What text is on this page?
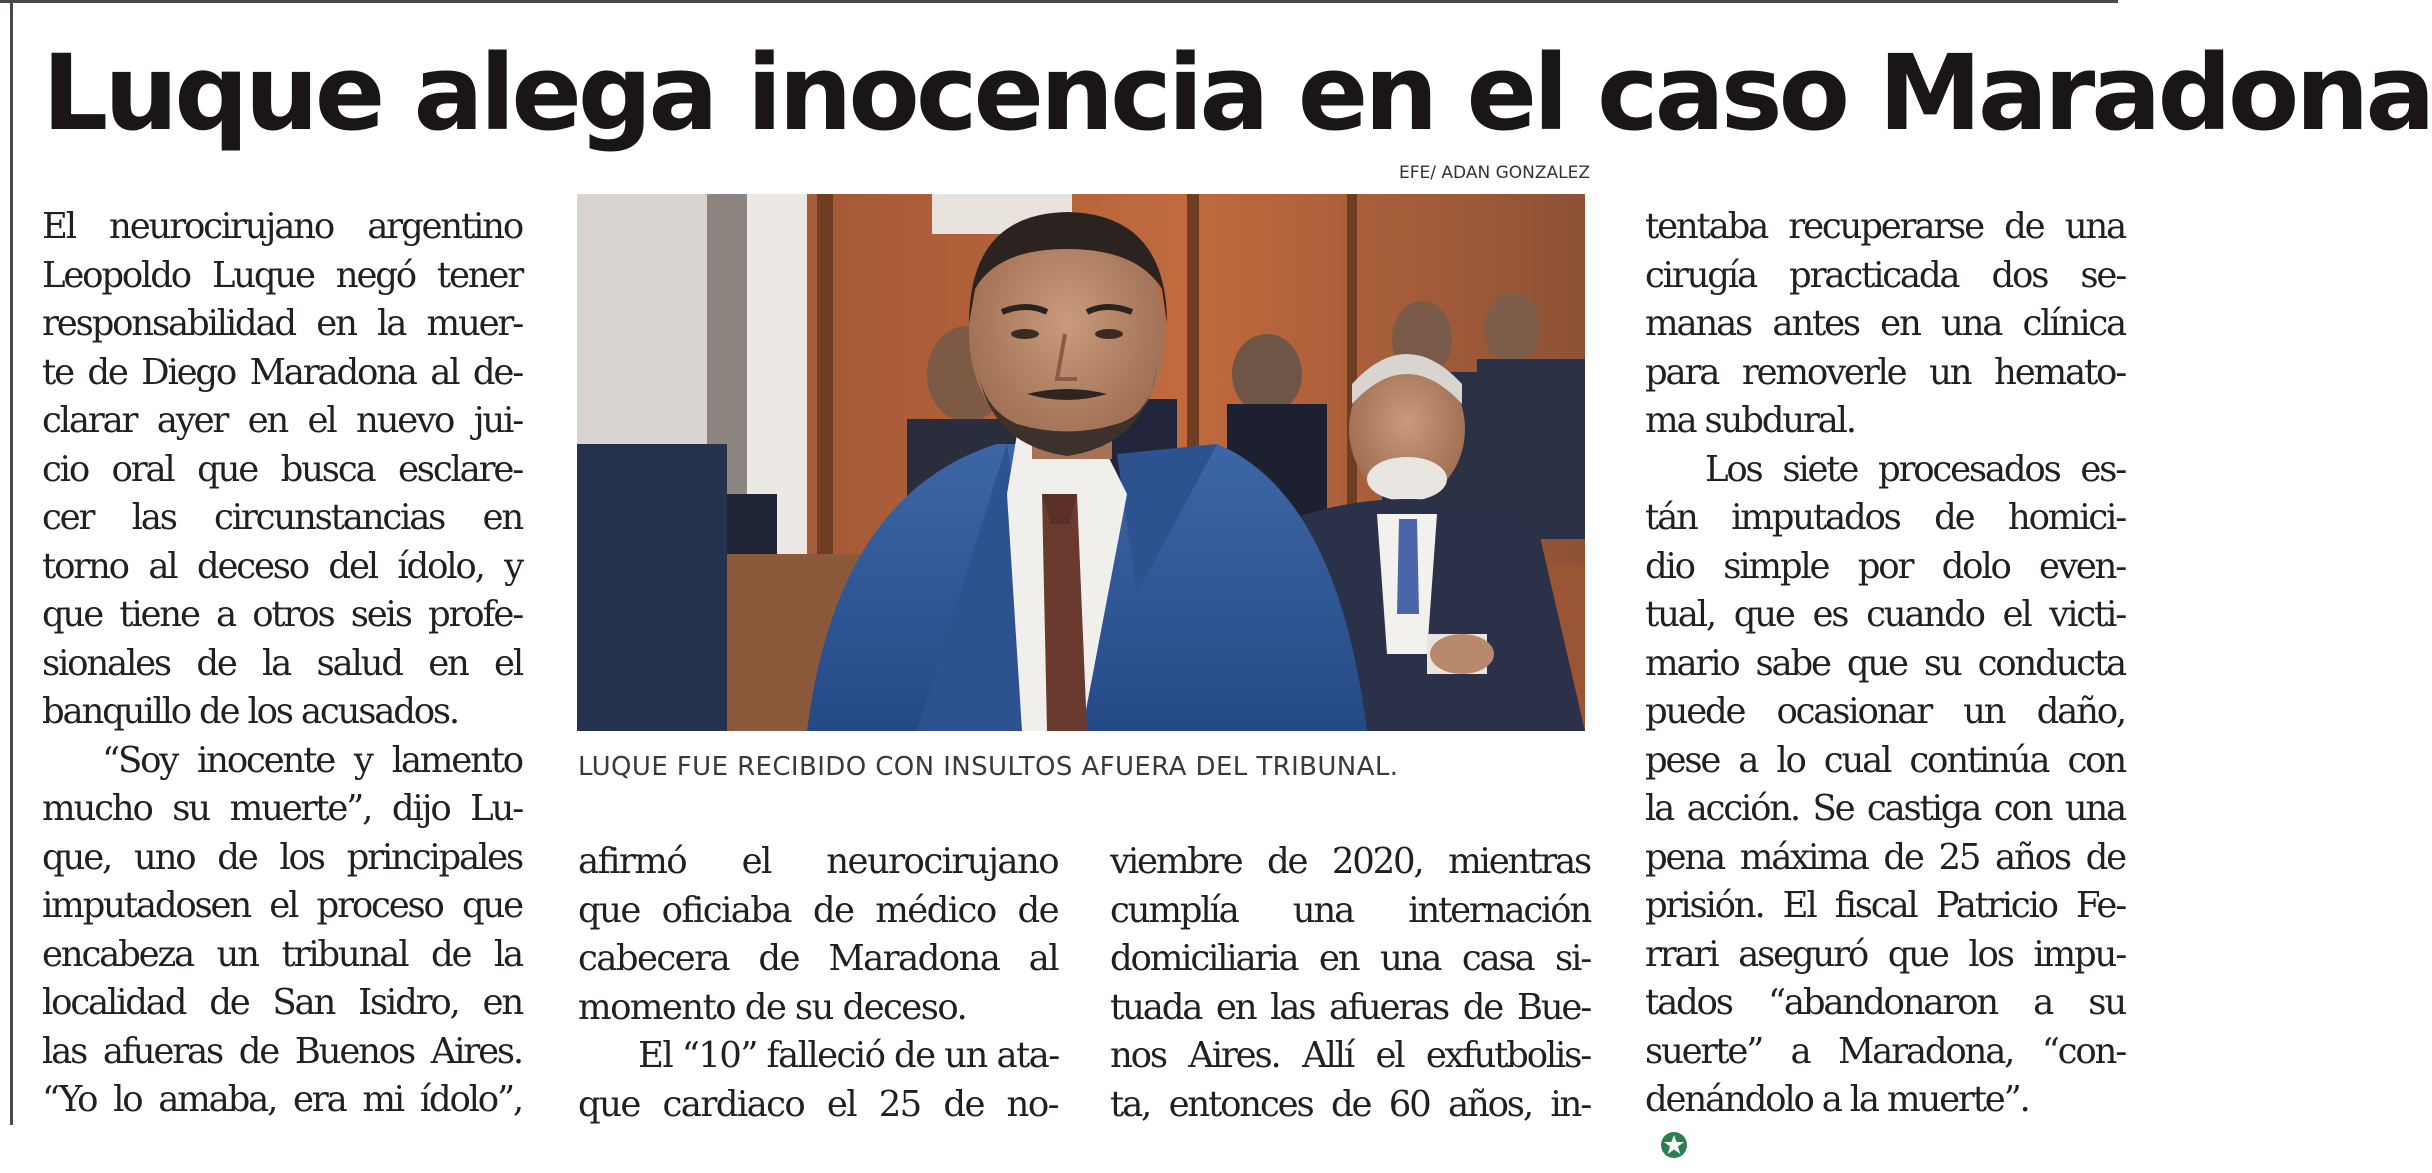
Luque alega inocencia en el caso Maradona
EFE/ ADAN GONZALEZ
LUQUE FUE RECIBIDO CON INSULTOS AFUERA DEL TRIBUNAL.
El neurocirujano argentino
Leopoldo Luque negó tener
responsabilidad en la muer-
te de Diego Maradona al de-
clarar ayer en el nuevo jui-
cio oral que busca esclare-
cer las circunstancias en
torno al deceso del ídolo, y
que tiene a otros seis profe-
sionales de la salud en el
banquillo de los acusados.
“Soy inocente y lamento
mucho su muerte”, dijo Lu-
que, uno de los principales
imputadosen el proceso que
encabeza un tribunal de la
localidad de San Isidro, en
las afueras de Buenos Aires.
“Yo lo amaba, era mi ídolo”,
afirmó el neurocirujano
que oficiaba de médico de
cabecera de Maradona al
momento de su deceso.
El “10” falleció de un ata-
que cardiaco el 25 de no-
viembre de 2020, mientras
cumplía una internación
domiciliaria en una casa si-
tuada en las afueras de Bue-
nos Aires. Allí el exfutbolis-
ta, entonces de 60 años, in-
tentaba recuperarse de una
cirugía practicada dos se-
manas antes en una clínica
para removerle un hemato-
ma subdural.
Los siete procesados es-
tán imputados de homici-
dio simple por dolo even-
tual, que es cuando el victi-
mario sabe que su conducta
puede ocasionar un daño,
pese a lo cual continúa con
la acción. Se castiga con una
pena máxima de 25 años de
prisión. El fiscal Patricio Fe-
rrari aseguró que los impu-
tados “abandonaron a su
suerte” a Maradona, “con-
denándolo a la muerte”.
